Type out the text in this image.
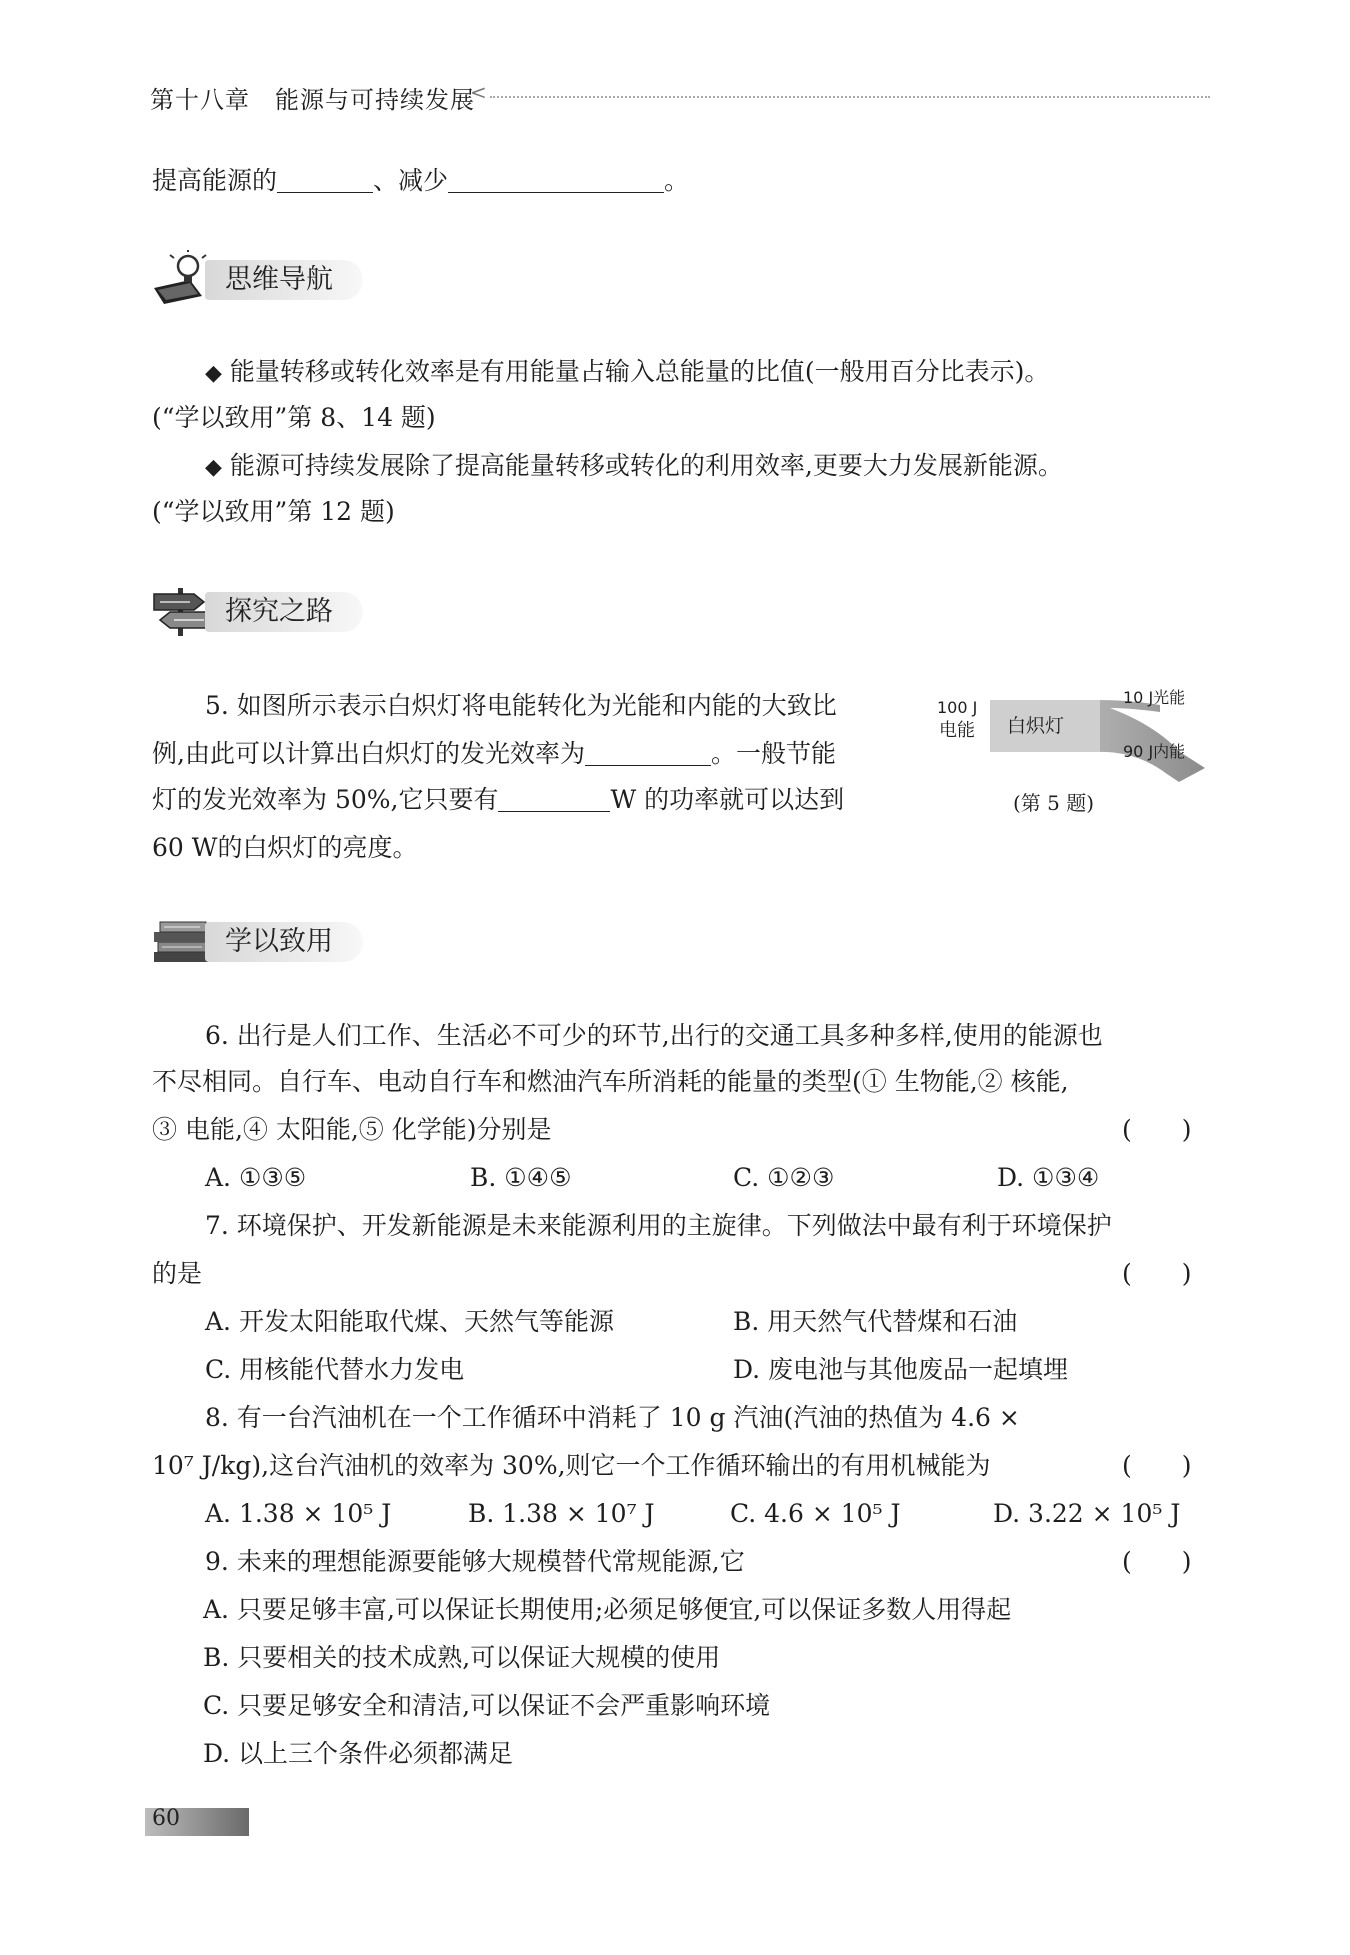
第十八章　能源与可持续发展
<
提高能源的	、减少	。
思维导航
◆ 能量转移或转化效率是有用能量占输入总能量的比值(一般用百分比表示)。
(“学以致用”第 8、14 题)
◆ 能源可持续发展除了提高能量转移或转化的利用效率,更要大力发展新能源。
(“学以致用”第 12 题)
探究之路
5. 如图所示表示白炽灯将电能转化为光能和内能的大致比
例,由此可以计算出白炽灯的发光效率为	。一般节能
灯的发光效率为 50%,它只要有	W 的功率就可以达到
60 W的白炽灯的亮度。
100 J
电能 白炽灯
10 J光能
90 J内能
(第 5 题)
学以致用
6. 出行是人们工作、生活必不可少的环节,出行的交通工具多种多样,使用的能源也
不尽相同。自行车、电动自行车和燃油汽车所消耗的能量的类型(① 生物能,② 核能,
③ 电能,④ 太阳能,⑤ 化学能)分别是	(　　)
A. ①③⑤	B. ①④⑤	C. ①②③	D. ①③④
7. 环境保护、开发新能源是未来能源利用的主旋律。下列做法中最有利于环境保护
的是	(　　)
A. 开发太阳能取代煤、天然气等能源	B. 用天然气代替煤和石油
C. 用核能代替水力发电	D. 废电池与其他废品一起填埋
8. 有一台汽油机在一个工作循环中消耗了 10 g 汽油(汽油的热值为 4.6 ×
10⁷ J/kg),这台汽油机的效率为 30%,则它一个工作循环输出的有用机械能为	(　　)
A. 1.38 × 10⁵ J	B. 1.38 × 10⁷ J	C. 4.6 × 10⁵ J	D. 3.22 × 10⁵ J
9. 未来的理想能源要能够大规模替代常规能源,它	(　　)
A. 只要足够丰富,可以保证长期使用;必须足够便宜,可以保证多数人用得起
B. 只要相关的技术成熟,可以保证大规模的使用
C. 只要足够安全和清洁,可以保证不会严重影响环境
D. 以上三个条件必须都满足
60
